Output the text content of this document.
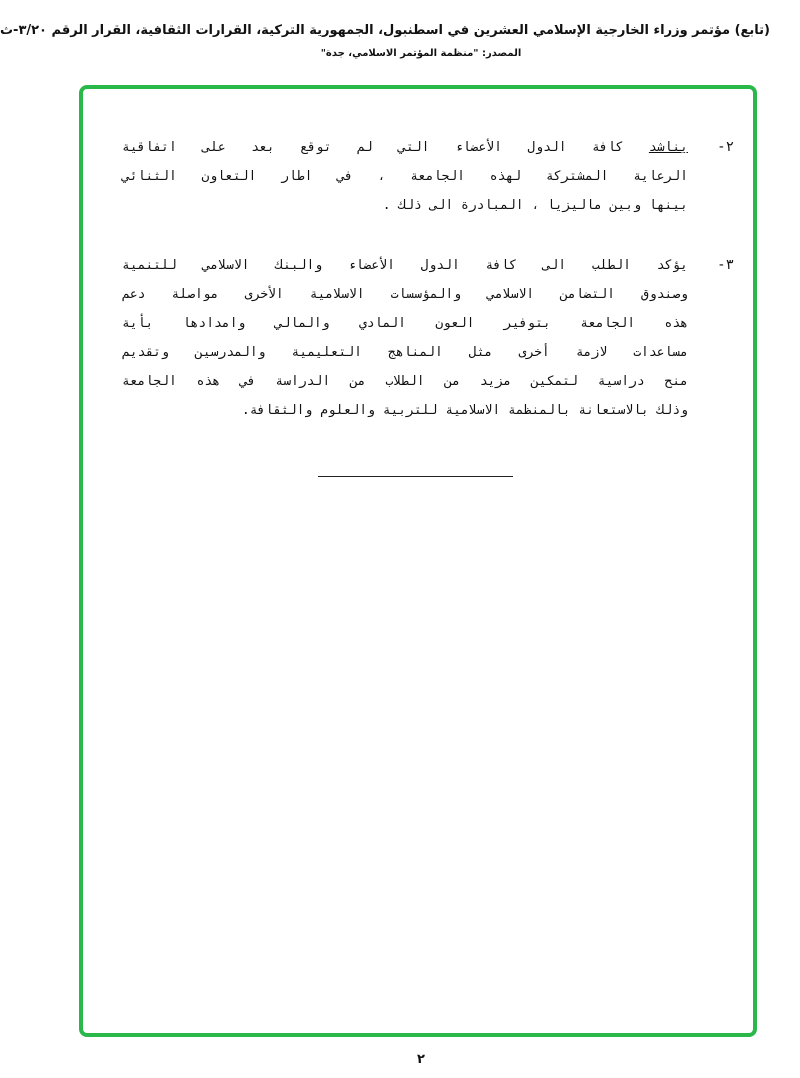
(تابع) مؤتمر وزراء الخارجية الإسلامي العشرين في اسطنبول، الجمهورية التركية، القرارات الثقافية، القرار الرقم ٣/٢٠-ث
المصدر: "منظمة المؤتمر الاسلامي، جدة"
٢-
يناشد كافة الدول الأعضاء التي لم توقع بعد على اتفاقية
الرعاية المشتركة لهذه الجامعة ، في اطار التعاون الثنائي
بينها وبين ماليزيا ، المبادرة الى ذلك .
٣-
يؤكد الطلب الى كافة الدول الأعضاء والبنك الاسلامي للتنمية
وصندوق التضامن الاسلامي والمؤسسات الاسلامية الأخرى مواصلة دعم
هذه الجامعة بتوفير العون المادي والمالي وامدادها بأية
مساعدات لازمة أخرى مثل المناهج التعليمية والمدرسين وتقديم
منح دراسية لتمكين مزيد من الطلاب من الدراسة في هذه الجامعة
وذلك بالاستعانة بالمنظمة الاسلامية للتربية والعلوم والثقافة.
٢
